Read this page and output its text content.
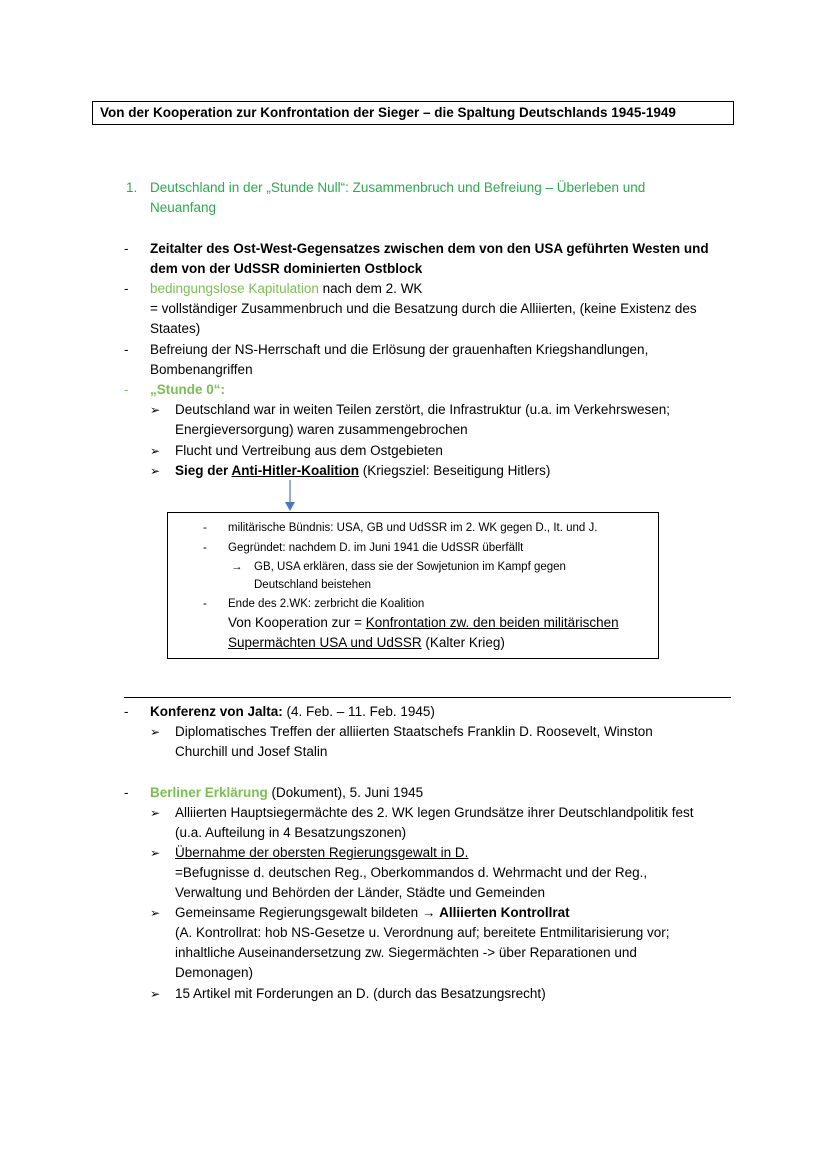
Von der Kooperation zur Konfrontation der Sieger – die Spaltung Deutschlands 1945-1949
1. Deutschland in der „Stunde Null“: Zusammenbruch und Befreiung – Überleben und Neuanfang
- Zeitalter des Ost-West-Gegensatzes zwischen dem von den USA geführten Westen und
dem von der UdSSR dominierten Ostblock
- bedingungslose Kapitulation nach dem 2. WK
= vollständiger Zusammenbruch und die Besatzung durch die Alliierten, (keine Existenz des
Staates)
- Befreiung der NS-Herrschaft und die Erlösung der grauenhaften Kriegshandlungen,
Bombenangriffen
- „Stunde 0“:
➢ Deutschland war in weiten Teilen zerstört, die Infrastruktur (u.a. im Verkehrswesen;
Energieversorgung) waren zusammengebrochen
➢ Flucht und Vertreibung aus dem Ostgebieten
➢ Sieg der Anti-Hitler-Koalition (Kriegsziel: Beseitigung Hitlers)
- militärische Bündnis: USA, GB und UdSSR im 2. WK gegen D., It. und J.
- Gegründet: nachdem D. im Juni 1941 die UdSSR überfällt
→ GB, USA erklären, dass sie der Sowjetunion im Kampf gegen
Deutschland beistehen
- Ende des 2.WK: zerbricht die Koalition
Von Kooperation zur = Konfrontation zw. den beiden militärischen
Supermächten USA und UdSSR (Kalter Krieg)
- Konferenz von Jalta: (4. Feb. – 11. Feb. 1945)
➢ Diplomatisches Treffen der alliierten Staatschefs Franklin D. Roosevelt, Winston
Churchill und Josef Stalin
- Berliner Erklärung (Dokument), 5. Juni 1945
➢ Alliierten Hauptsiegermächte des 2. WK legen Grundsätze ihrer Deutschlandpolitik fest
(u.a. Aufteilung in 4 Besatzungszonen)
➢ Übernahme der obersten Regierungsgewalt in D.
=Befugnisse d. deutschen Reg., Oberkommandos d. Wehrmacht und der Reg.,
Verwaltung und Behörden der Länder, Städte und Gemeinden
➢ Gemeinsame Regierungsgewalt bildeten → Alliierten Kontrollrat
(A. Kontrollrat: hob NS-Gesetze u. Verordnung auf; bereitete Entmilitarisierung vor;
inhaltliche Auseinandersetzung zw. Siegermächten -> über Reparationen und
Demonagen)
➢ 15 Artikel mit Forderungen an D. (durch das Besatzungsrecht)
